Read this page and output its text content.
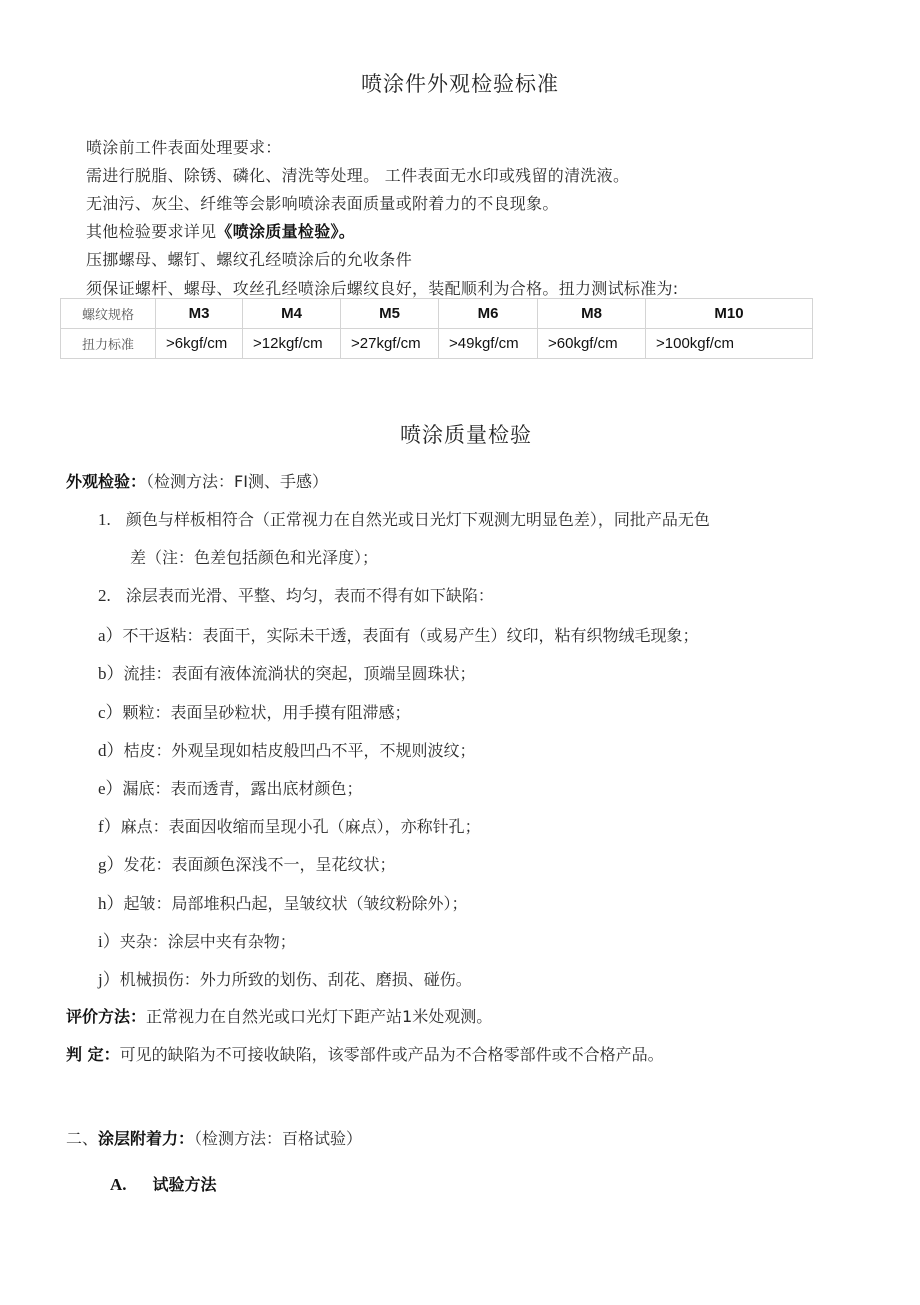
喷涂件外观检验标准
喷涂前工件表面处理要求：
需进行脱脂、除锈、磷化、清洗等处理。 工件表面无水印或残留的清洗液。
无油污、灰尘、纤维等会影响喷涂表面质量或附着力的不良现象。
其他检验要求详见《喷涂质量检验》。
压挪螺母、螺钉、螺纹孔经喷涂后的允收条件
须保证螺杆、螺母、攻丝孔经喷涂后螺纹良好，装配顺利为合格。扭力测试标准为:
螺纹规格	M3	M4	M5	M6	M8	M10
扭力标准	>6kgf/cm	>12kgf/cm	>27kgf/cm	>49kgf/cm	>60kgf/cm	>100kgf/cm
喷涂质量检验
外观检验：（检测方法：FI测、手感）
1. 颜色与样板相符合（正常视力在自然光或日光灯下观测尢明显色差），同批产品无色
差（注：色差包括颜色和光泽度）；
2. 涂层表而光滑、平整、均匀，表而不得有如下缺陷：
a）不干返粘：表面干，实际未干透，表面有（或易产生）纹印，粘有织物绒毛现象；
b）流挂：表面有液体流淌状的突起，顶端呈圆珠状；
c）颗粒：表面呈砂粒状，用手摸有阻滞感；
d）桔皮：外观呈现如桔皮般凹凸不平，不规则波纹；
e）漏底：表而透青，露出底材颜色；
f）麻点：表面因收缩而呈现小孔（麻点），亦称针孔；
g）发花：表面颜色深浅不一，呈花纹状；
h）起皱：局部堆积凸起，呈皱纹状（皱纹粉除外）；
i）夹杂：涂层中夹有杂物；
j）机械损伤：外力所致的划伤、刮花、磨损、碰伤。
评价方法：正常视力在自然光或口光灯下距产站1米处观测。
判 定：可见的缺陷为不可接收缺陷，该零部件或产品为不合格零部件或不合格产品。
二、涂层附着力：（检测方法：百格试验）
A. 试验方法
